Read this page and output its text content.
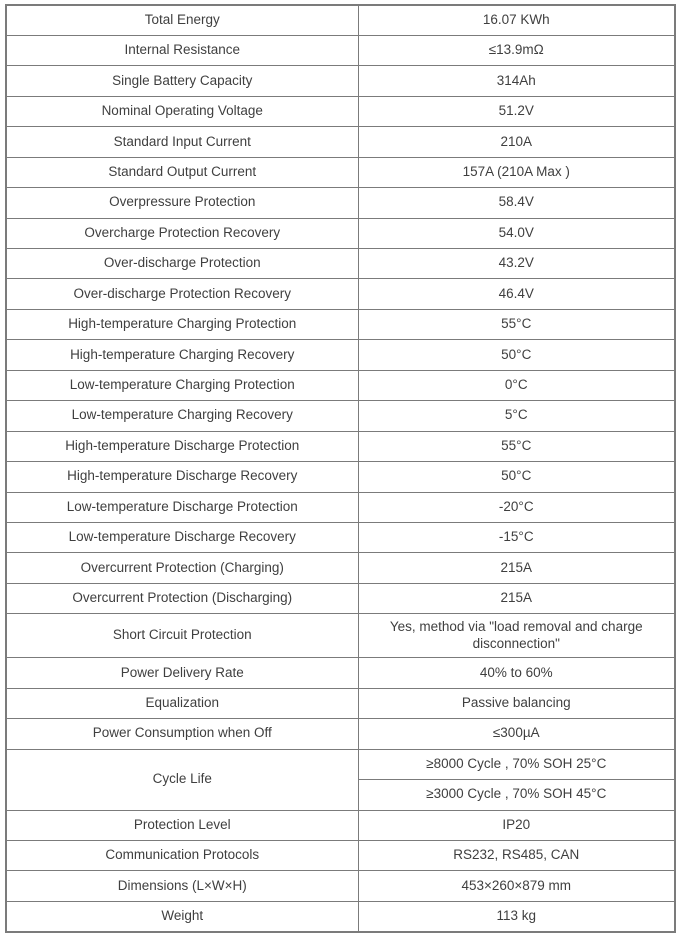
Total Energy	16.07 KWh
Internal Resistance	≤13.9mΩ
Single Battery Capacity	314Ah
Nominal Operating Voltage	51.2V
Standard Input Current	210A
Standard Output Current	157A (210A Max )
Overpressure Protection	58.4V
Overcharge Protection Recovery	54.0V
Over-discharge Protection	43.2V
Over-discharge Protection Recovery	46.4V
High-temperature Charging Protection	55°C
High-temperature Charging Recovery	50°C
Low-temperature Charging Protection	0°C
Low-temperature Charging Recovery	5°C
High-temperature Discharge Protection	55°C
High-temperature Discharge Recovery	50°C
Low-temperature Discharge Protection	-20°C
Low-temperature Discharge Recovery	-15°C
Overcurrent Protection (Charging)	215A
Overcurrent Protection (Discharging)	215A
Short Circuit Protection	Yes, method via "load removal and charge disconnection"
Power Delivery Rate	40% to 60%
Equalization	Passive balancing
Power Consumption when Off	≤300µA
Cycle Life	≥8000 Cycle , 70% SOH 25°C
	≥3000 Cycle , 70% SOH 45°C
Protection Level	IP20
Communication Protocols	RS232, RS485, CAN
Dimensions (L×W×H)	453×260×879 mm
Weight	113 kg
